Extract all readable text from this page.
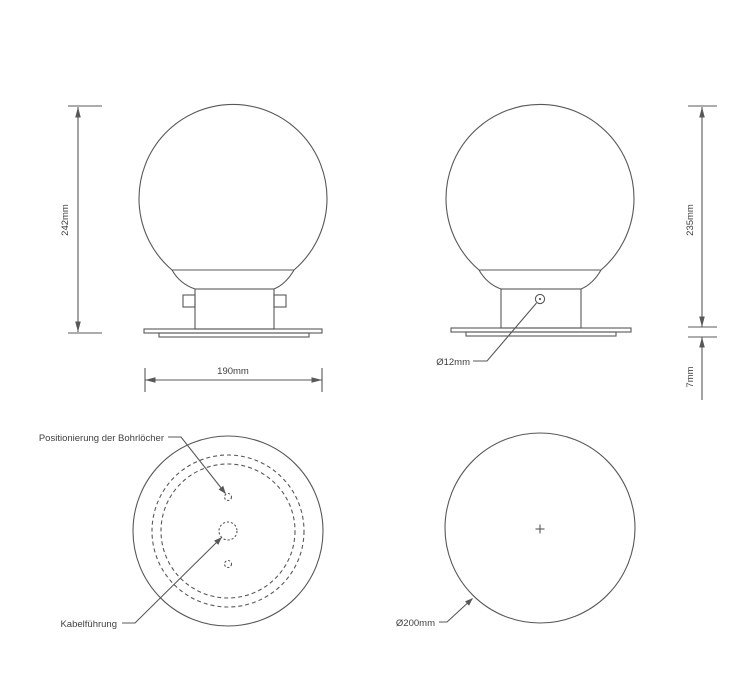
242mm
190mm
Ø12mm
235mm
7mm
Positionierung der Bohrlöcher
Kabelführung	Ø200mm
